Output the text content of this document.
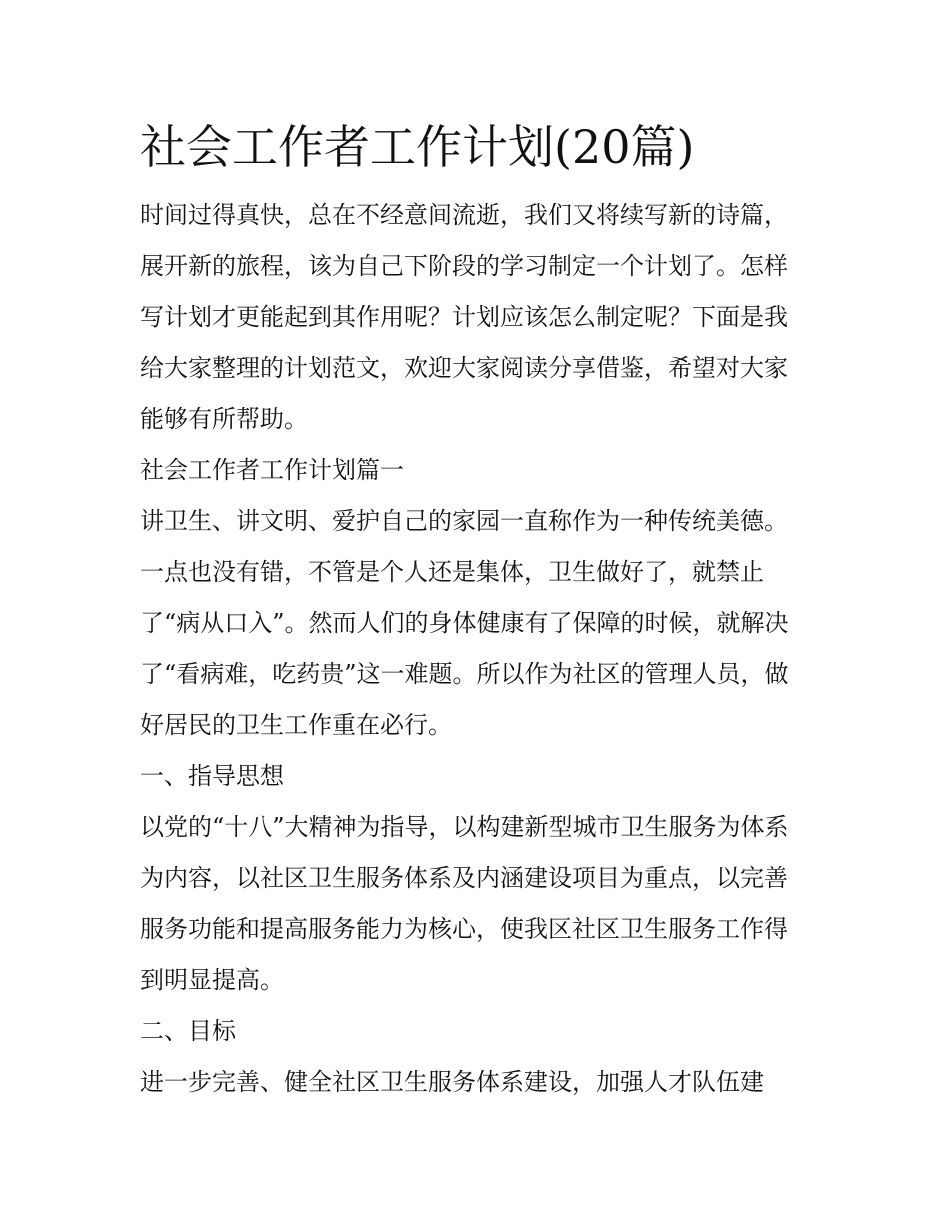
社会工作者工作计划(20篇)
时间过得真快，总在不经意间流逝，我们又将续写新的诗篇，
展开新的旅程，该为自己下阶段的学习制定一个计划了。怎样
写计划才更能起到其作用呢？计划应该怎么制定呢？下面是我
给大家整理的计划范文，欢迎大家阅读分享借鉴，希望对大家
能够有所帮助。
社会工作者工作计划篇一
讲卫生、讲文明、爱护自己的家园一直称作为一种传统美德。
一点也没有错，不管是个人还是集体，卫生做好了，就禁止
了“病从口入”。然而人们的身体健康有了保障的时候，就解决
了“看病难，吃药贵”这一难题。所以作为社区的管理人员，做
好居民的卫生工作重在必行。
一、指导思想
以党的“十八”大精神为指导，以构建新型城市卫生服务为体系
为内容，以社区卫生服务体系及内涵建设项目为重点，以完善
服务功能和提高服务能力为核心，使我区社区卫生服务工作得
到明显提高。
二、目标
进一步完善、健全社区卫生服务体系建设，加强人才队伍建
